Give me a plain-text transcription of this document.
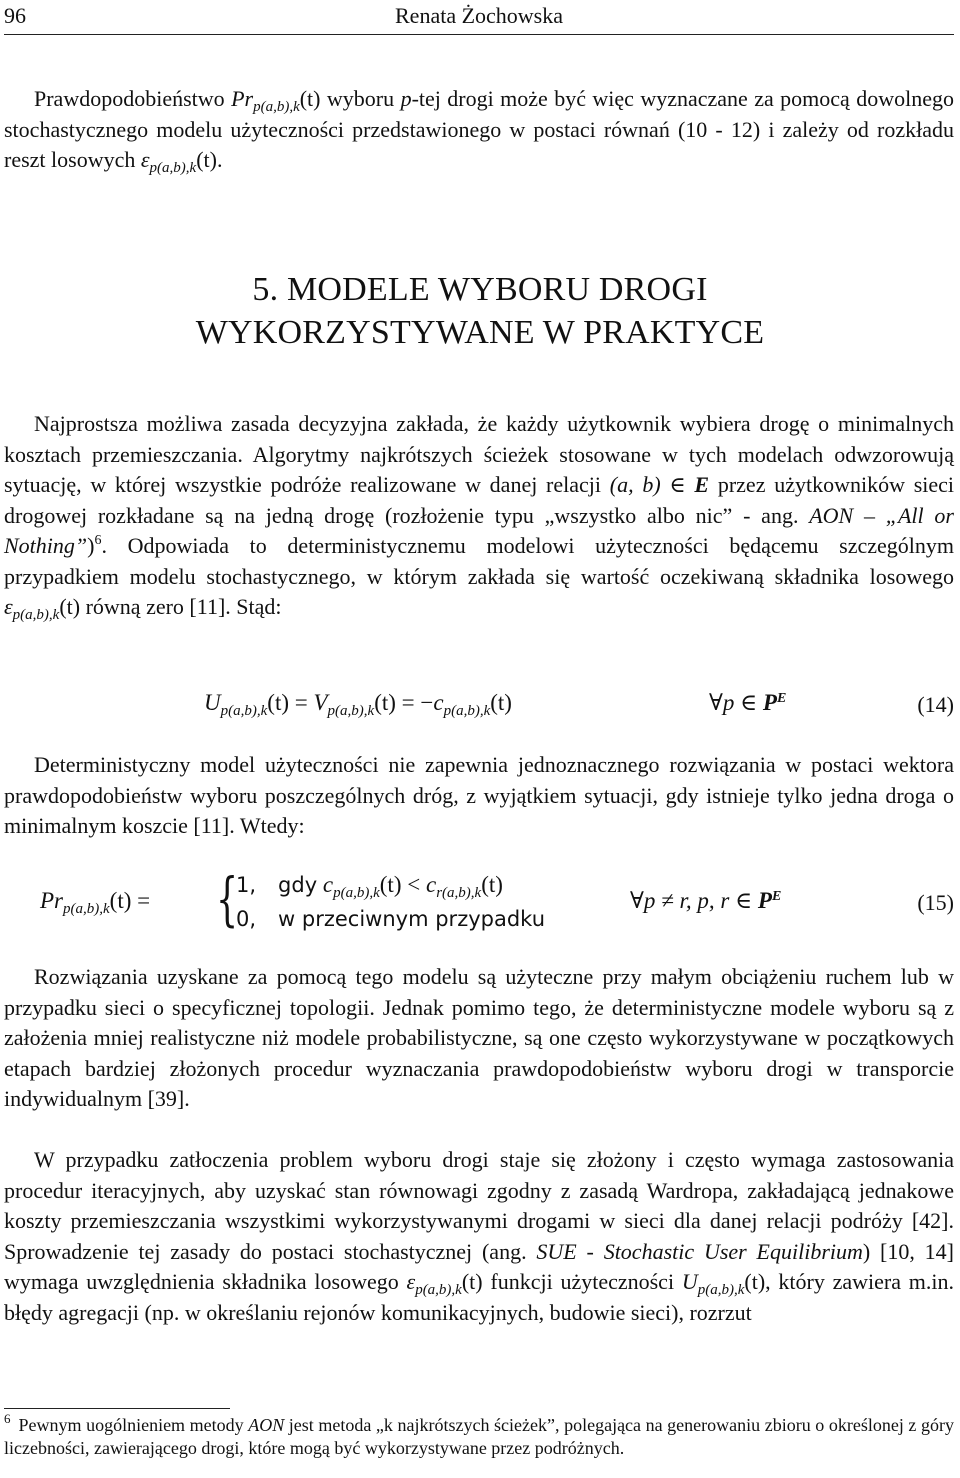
96	Renata Żochowska

Prawdopodobieństwo $Pr_{p(a,b),k}(t)$ wyboru p-tej drogi może być więc wyznaczane za pomocą dowolnego stochastycznego modelu użyteczności przedstawionego w postaci równań (10 - 12) i zależy od rozkładu reszt losowych $\varepsilon_{p(a,b),k}(t)$.

5. MODELE WYBORU DROGI
WYKORZYSTYWANE W PRAKTYCE

Najprostsza możliwa zasada decyzyjna zakłada, że każdy użytkownik wybiera drogę o minimalnych kosztach przemieszczania. Algorytmy najkrótszych ścieżek stosowane w tych modelach odwzorowują sytuację, w której wszystkie podróże realizowane w danej relacji (a, b) ∈ E przez użytkowników sieci drogowej rozkładane są na jedną drogę (rozłożenie typu „wszystko albo nic” - ang. AON – „All or Nothing”)$^6$. Odpowiada to deterministycznemu modelowi użyteczności będącemu szczególnym przypadkiem modelu stochastycznego, w którym zakłada się wartość oczekiwaną składnika losowego $\varepsilon_{p(a,b),k}(t)$ równą zero [11]. Stąd:

$U_{p(a,b),k}(t) = V_{p(a,b),k}(t) = -c_{p(a,b),k}(t)$	∀p ∈ $P^E$	(14)

Deterministyczny model użyteczności nie zapewnia jednoznacznego rozwiązania w postaci wektora prawdopodobieństw wyboru poszczególnych dróg, z wyjątkiem sytuacji, gdy istnieje tylko jedna droga o minimalnym koszcie [11]. Wtedy:

$Pr_{p(a,b),k}(t)$ = {
1, gdy $c_{p(a,b),k}(t) < c_{r(a,b),k}(t)$
0, w przeciwnym przypadku
∀p ≠ r, p, r ∈ $P^E$	(15)

Rozwiązania uzyskane za pomocą tego modelu są użyteczne przy małym obciążeniu ruchem lub w przypadku sieci o specyficznej topologii. Jednak pomimo tego, że deterministyczne modele wyboru są z założenia mniej realistyczne niż modele probabilistyczne, są one często wykorzystywane w początkowych etapach bardziej złożonych procedur wyznaczania prawdopodobieństw wyboru drogi w transporcie indywidualnym [39].

W przypadku zatłoczenia problem wyboru drogi staje się złożony i często wymaga zastosowania procedur iteracyjnych, aby uzyskać stan równowagi zgodny z zasadą Wardropa, zakładającą jednakowe koszty przemieszczania wszystkimi wykorzystywanymi drogami w sieci dla danej relacji podróży [42]. Sprowadzenie tej zasady do postaci stochastycznej (ang. SUE - Stochastic User Equilibrium) [10, 14] wymaga uwzględnienia składnika losowego $\varepsilon_{p(a,b),k}(t)$ funkcji użyteczności $U_{p(a,b),k}(t)$, który zawiera m.in. błędy agregacji (np. w określaniu rejonów komunikacyjnych, budowie sieci), rozrzut

$^6$ Pewnym uogólnieniem metody AON jest metoda „k najkrótszych ścieżek”, polegająca na generowaniu zbioru o określonej z góry liczebności, zawierającego drogi, które mogą być wykorzystywane przez podróżnych.
